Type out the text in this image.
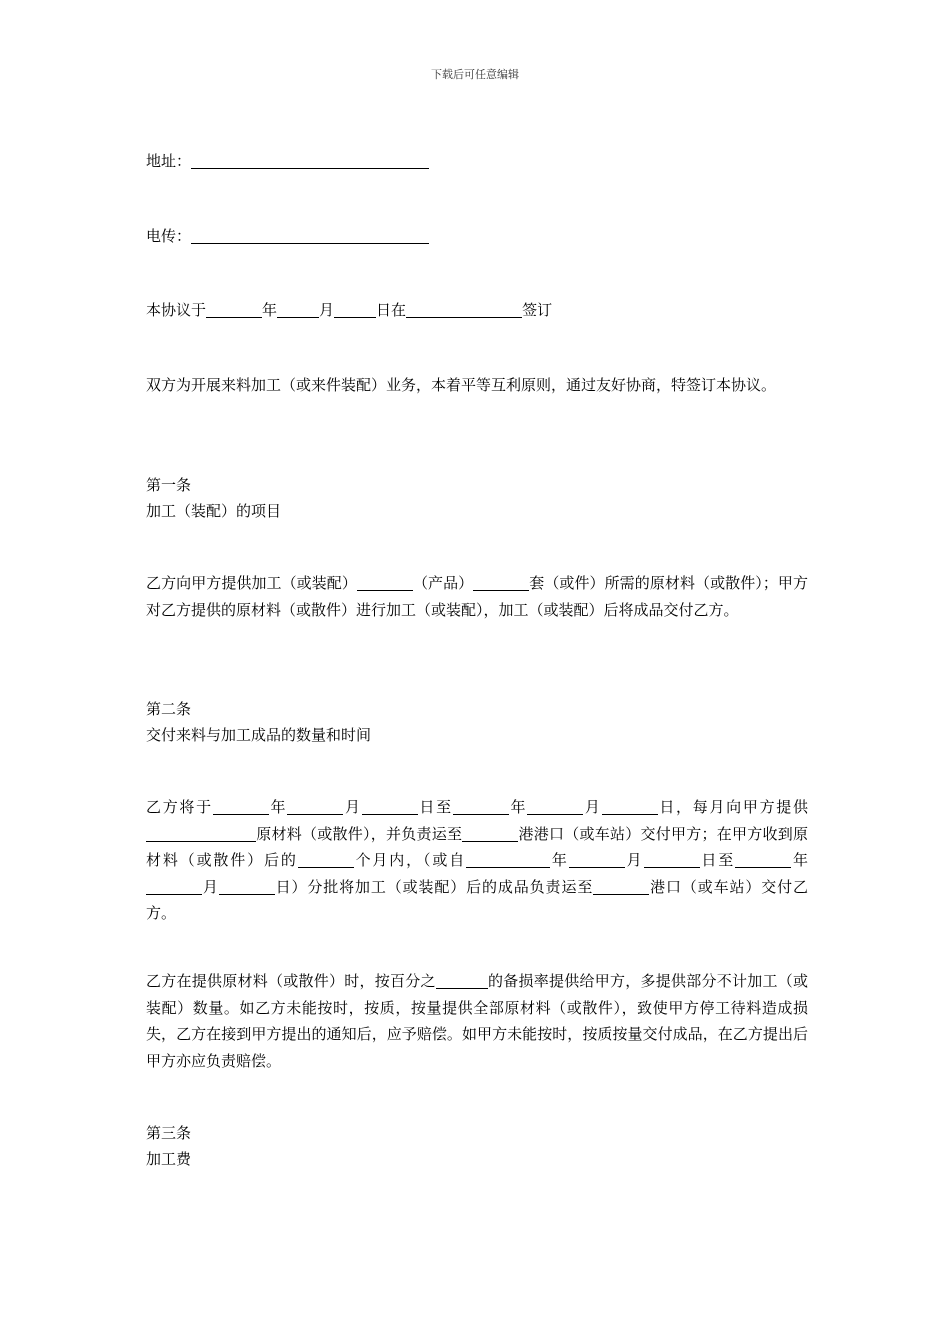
下载后可任意编辑
地址：
电传：
本协议于	年	月	日在	签订
双方为开展来料加工（或来件装配）业务，本着平等互利原则，通过友好协商，特签订本协议。
第一条
加工（装配）的项目
乙方向甲方提供加工（或装配）	（产品）	套（或件）所需的原材料（或散件）；甲方对乙方提供的原材料（或散件）进行加工（或装配），加工（或装配）后将成品交付乙方。
第二条
交付来料与加工成品的数量和时间
乙方将于	年	月	日至	年	月	日，每月向甲方提供原材料（或散件），并负责运至	港港口（或车站）交付甲方；在甲方收到原材料（或散件）后的	个月内，（或自	年	月	日至	年月	日）分批将加工（或装配）后的成品负责运至	港口（或车站）交付乙方。
乙方在提供原材料（或散件）时，按百分之	的备损率提供给甲方，多提供部分不计加工（或装配）数量。如乙方未能按时，按质，按量提供全部原材料（或散件），致使甲方停工待料造成损失，乙方在接到甲方提出的通知后，应予赔偿。如甲方未能按时，按质按量交付成品，在乙方提出后 甲方亦应负责赔偿。
第三条
加工费
